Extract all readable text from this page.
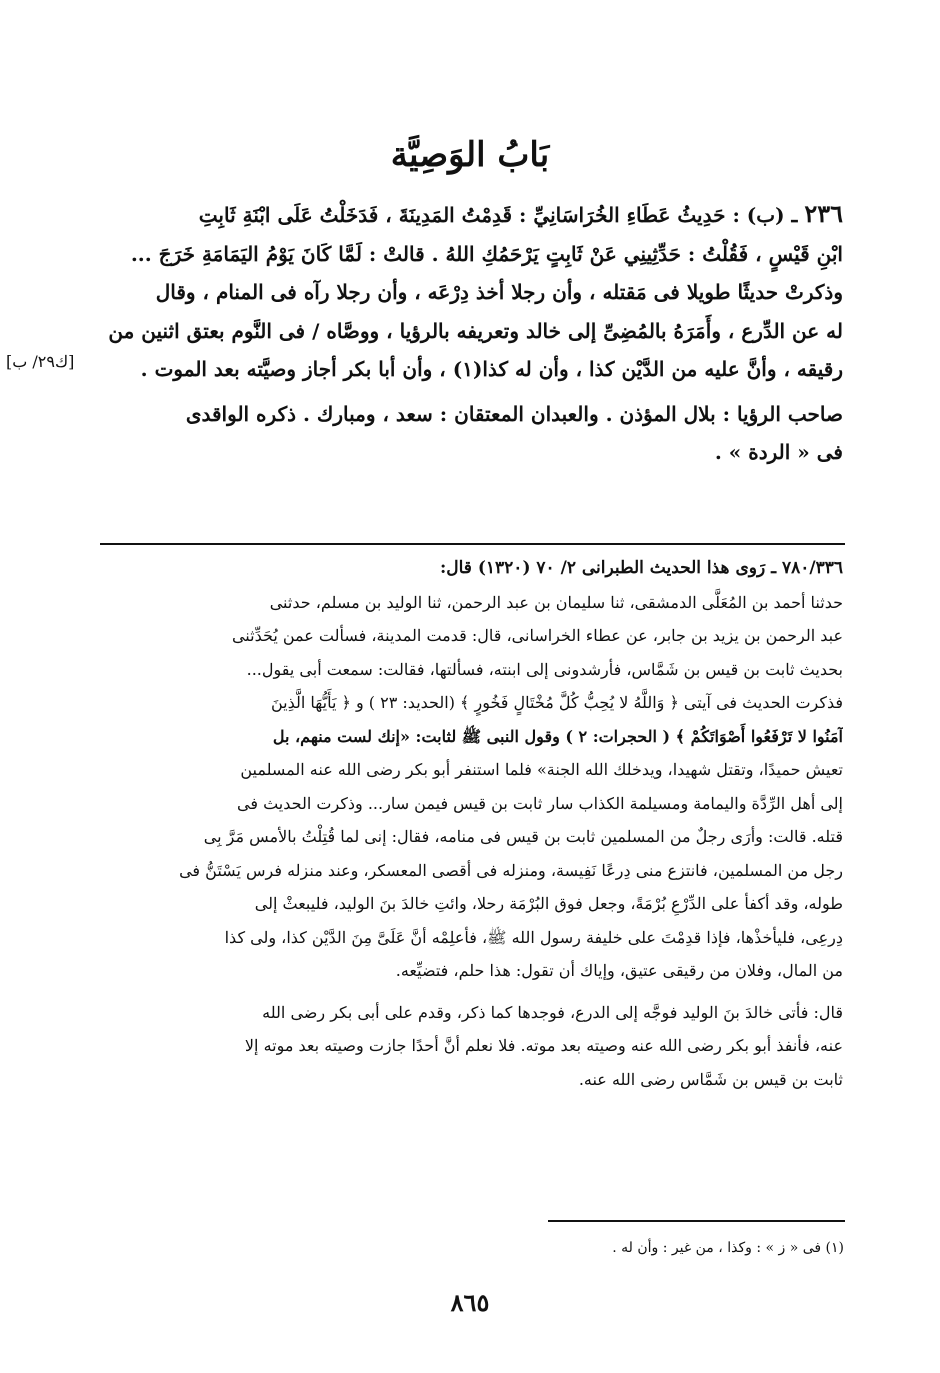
بَابُ الوَصِيَّة

٢٣٦ ـ (ب) : حَدِيثُ عَطَاءِ الخُرَاسَانِيِّ : قَدِمْتُ المَدِينَةَ ، فَدَخَلْتُ عَلَى ابْنَةِ ثَابِتِ
ابْنِ قَيْسٍ ، فَقُلْتُ : حَدِّثِينِي عَنْ ثَابِتٍ يَرْحَمُكِ اللهُ . قالتْ : لَمَّا كَانَ يَوْمُ اليَمَامَةِ خَرَجَ ...
وذكرتْ حديثًا طويلا فى مَقتله ، وأن رجلا أخذ دِرْعَه ، وأن رجلا رآه فى المنام ، وقال
له عن الدِّرع ، وأَمَرَهُ بالمُضِىِّ إلى خالد وتعريفه بالرؤيا ، ووصَّاه / فى النَّوم بعتق اثنين من
رقيقه ، وأنَّ عليه من الدَّيْن كذا ، وأن له كذا(١) ، وأن أبا بكر أجاز وصيَّته بعد الموت .

صاحب الرؤيا : بلال المؤذن . والعبدان المعتقان : سعد ، ومبارك . ذكره الواقدى
فى « الردة » .

[ك٢٩/ ب]
٧٨٠/٣٣٦ ـ رَوى هذا الحديث الطبرانى ٢/ ٧٠ (١٣٢٠) قال:
حدثنا أحمد بن المُعَلَّى الدمشقى، ثنا سليمان بن عبد الرحمن، ثنا الوليد بن مسلم، حدثنى
عبد الرحمن بن يزيد بن جابر، عن عطاء الخراسانى، قال: قدمت المدينة، فسألت عمن يُحَدِّثنى
بحديث ثابت بن قيس بن شَمَّاس، فأرشدونى إلى ابنته، فسألتها، فقالت: سمعت أبى يقول...
فذكرت الحديث فى آيتى ﴿ وَاللَّهُ لا يُحِبُّ كُلَّ مُخْتَالٍ فَخُورٍ ﴾ (الحديد: ٢٣ ) و ﴿ يَأَيُّهَا الَّذِينَ
آمَنُوا لا تَرْفَعُوا أَصْوَاتَكُمْ ﴾ ( الحجرات: ٢ ) وقول النبى ﷺ لثابت: «إنك لست منهم، بل
تعيش حميدًا، وتقتل شهيدا، ويدخلك الله الجنة» فلما استنفر أبو بكر رضى الله عنه المسلمين
إلى أهل الرِّدَّة واليمامة ومسيلمة الكذاب سار ثابت بن قيس فيمن سار... وذكرت الحديث فى
قتله. قالت: وأرَى رجلٌ من المسلمين ثابت بن قيس فى منامه، فقال: إنى لما قُتِلْتُ بالأمس مَرَّ بِى
رجل من المسلمين، فانتزع منى دِرعًا نَفِيسة، ومنزله فى أقصى المعسكر، وعند منزله فرس يَسْتَنُّ فى
طوله، وقد أكفأ على الدِّرْعِ بُرْمَةً، وجعل فوق البُرْمَة رحلا، وائتِ خالدَ بنَ الوليد، فليبعثْ إلى
دِرعِى، فليأخذْها، فإذا قدِمْتَ على خليفة رسول الله ﷺ، فأعلِمْه أنَّ عَلَىَّ مِنَ الدَّيْن كذا، ولى كذا
من المال، وفلان من رقيقى عتيق، وإياك أن تقول: هذا حلم، فتضيِّعه.
قال: فأتى خالدَ بنَ الوليد فوجَّه إلى الدرع، فوجدها كما ذكر، وقدم على أبى بكر رضى الله
عنه، فأنفذ أبو بكر رضى الله عنه وصيته بعد موته. فلا نعلم أنَّ أحدًا جازت وصيته بعد موته إلا
ثابت بن قيس بن شَمَّاس رضى الله عنه.
(١) فى « ز » : وكذا ، من غير : وأن له .
٨٦٥
